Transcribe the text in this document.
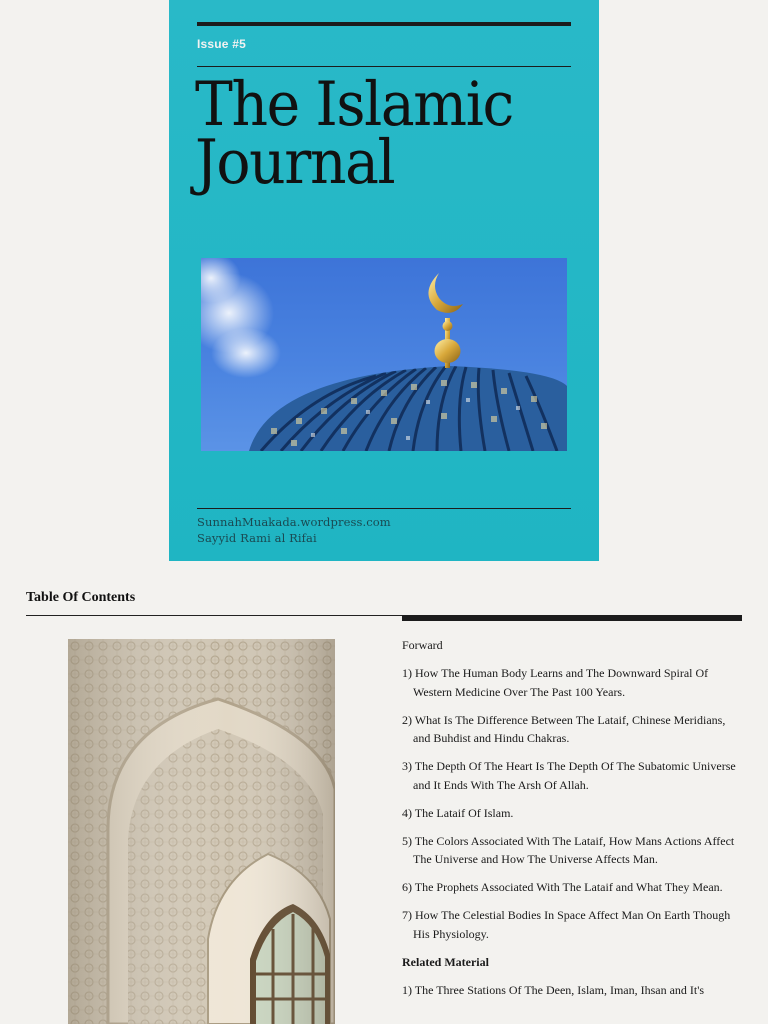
Issue #5
The Islamic
Journal
SunnahMuakada.wordpress.com
Sayyid Rami al Rifai
Table Of Contents
Forward
1) How The Human Body Learns and The Downward Spiral Of Western Medicine Over The Past 100 Years.
2) What Is The Difference Between The Lataif, Chinese Meridians, and Buhdist and Hindu Chakras.
3) The Depth Of The Heart Is The Depth Of The Subatomic Universe and It Ends With The Arsh Of Allah.
4) The Lataif Of Islam.
5) The Colors Associated With The Lataif, How Mans Actions Affect The Universe and How The Universe Affects Man.
6) The Prophets Associated With The Lataif and What They Mean.
7) How The Celestial Bodies In Space Affect Man On Earth Though His Physiology.
Related Material
1) The Three Stations Of The Deen, Islam, Iman, Ihsan and It's
